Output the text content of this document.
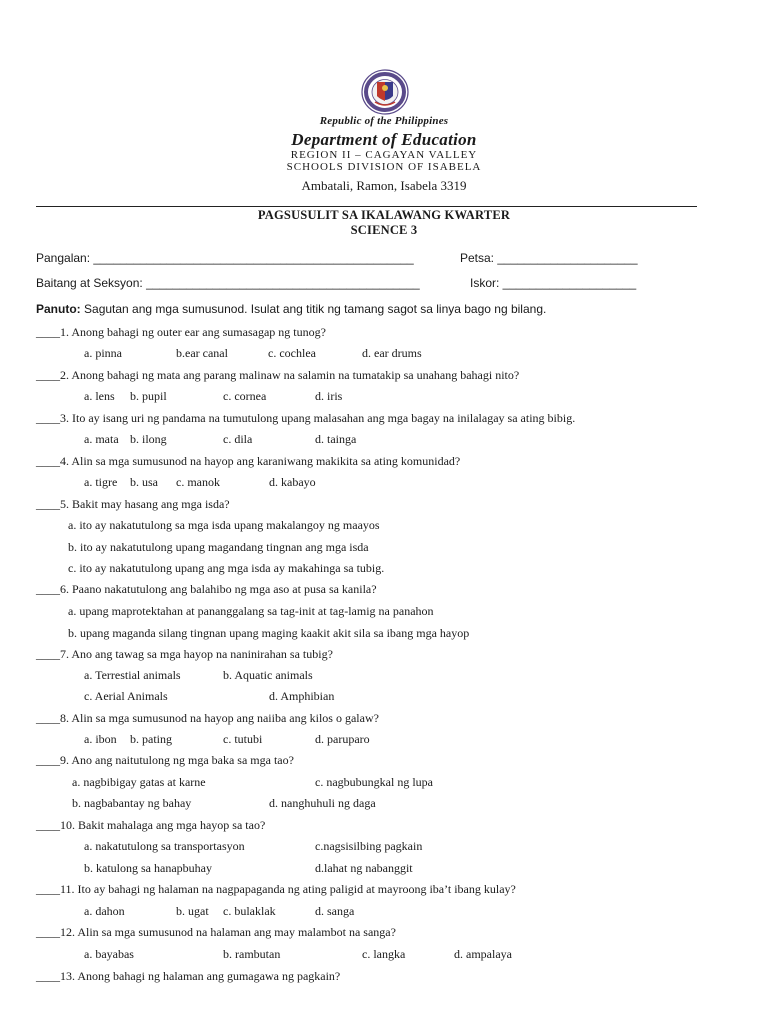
Republic of the Philippines
Department of Education
REGION II – CAGAYAN VALLEY
SCHOOLS DIVISION OF ISABELA
Ambatali, Ramon, Isabela 3319
PAGSUSULIT SA IKALAWANG KWARTER
SCIENCE 3
Pangalan: ________________________________________________	Petsa: _____________________
Baitang at Seksyon: _________________________________________	Iskor: ____________________
Panuto: Sagutan ang mga sumusunod. Isulat ang titik ng tamang sagot sa linya bago ng bilang.
____1. Anong bahagi ng outer ear ang sumasagap ng tunog?
a. pinna	b.ear canal	c. cochlea	d. ear drums
____2. Anong bahagi ng mata ang parang malinaw na salamin na tumatakip sa unahang bahagi nito?
a. lens b. pupil	c. cornea	d. iris
____3. Ito ay isang uri ng pandama na tumutulong upang malasahan ang mga bagay na inilalagay sa ating bibig.
a. mata b. ilong	c. dila	d. tainga
____4. Alin sa mga sumusunod na hayop ang karaniwang makikita sa ating komunidad?
a. tigre b. usa c. manok	d. kabayo
____5. Bakit may hasang ang mga isda?
a. ito ay nakatutulong sa mga isda upang makalangoy ng maayos
b. ito ay nakatutulong upang magandang tingnan ang mga isda
c. ito ay nakatutulong upang ang mga isda ay makahinga sa tubig.
____6. Paano nakatutulong ang balahibo ng mga aso at pusa sa kanila?
a. upang maprotektahan at pananggalang sa tag-init at tag-lamig na panahon
b. upang maganda silang tingnan upang maging kaakit akit sila sa ibang mga hayop
____7. Ano ang tawag sa mga hayop na naninirahan sa tubig?
a. Terrestial animals	b. Aquatic animals
c. Aerial Animals	d. Amphibian
____8. Alin sa mga sumusunod na hayop ang naiiba ang kilos o galaw?
a. ibon b. pating	c. tutubi	d. paruparo
____9. Ano ang naitutulong ng mga baka sa mga tao?
a. nagbibigay gatas at karne	c. nagbubungkal ng lupa
b. nagbabantay ng bahay	d. nanghuhuli ng daga
____10. Bakit mahalaga ang mga hayop sa tao?
a. nakatutulong sa transportasyon	c.nagsisilbing pagkain
b. katulong sa hanapbuhay	d.lahat ng nabanggit
____11. Ito ay bahagi ng halaman na nagpapaganda ng ating paligid at mayroong iba’t ibang kulay?
a. dahon	b. ugat c. bulaklak	d. sanga
____12. Alin sa mga sumusunod na halaman ang may malambot na sanga?
a. bayabas	b. rambutan	c. langka	d. ampalaya
____13. Anong bahagi ng halaman ang gumagawa ng pagkain?
